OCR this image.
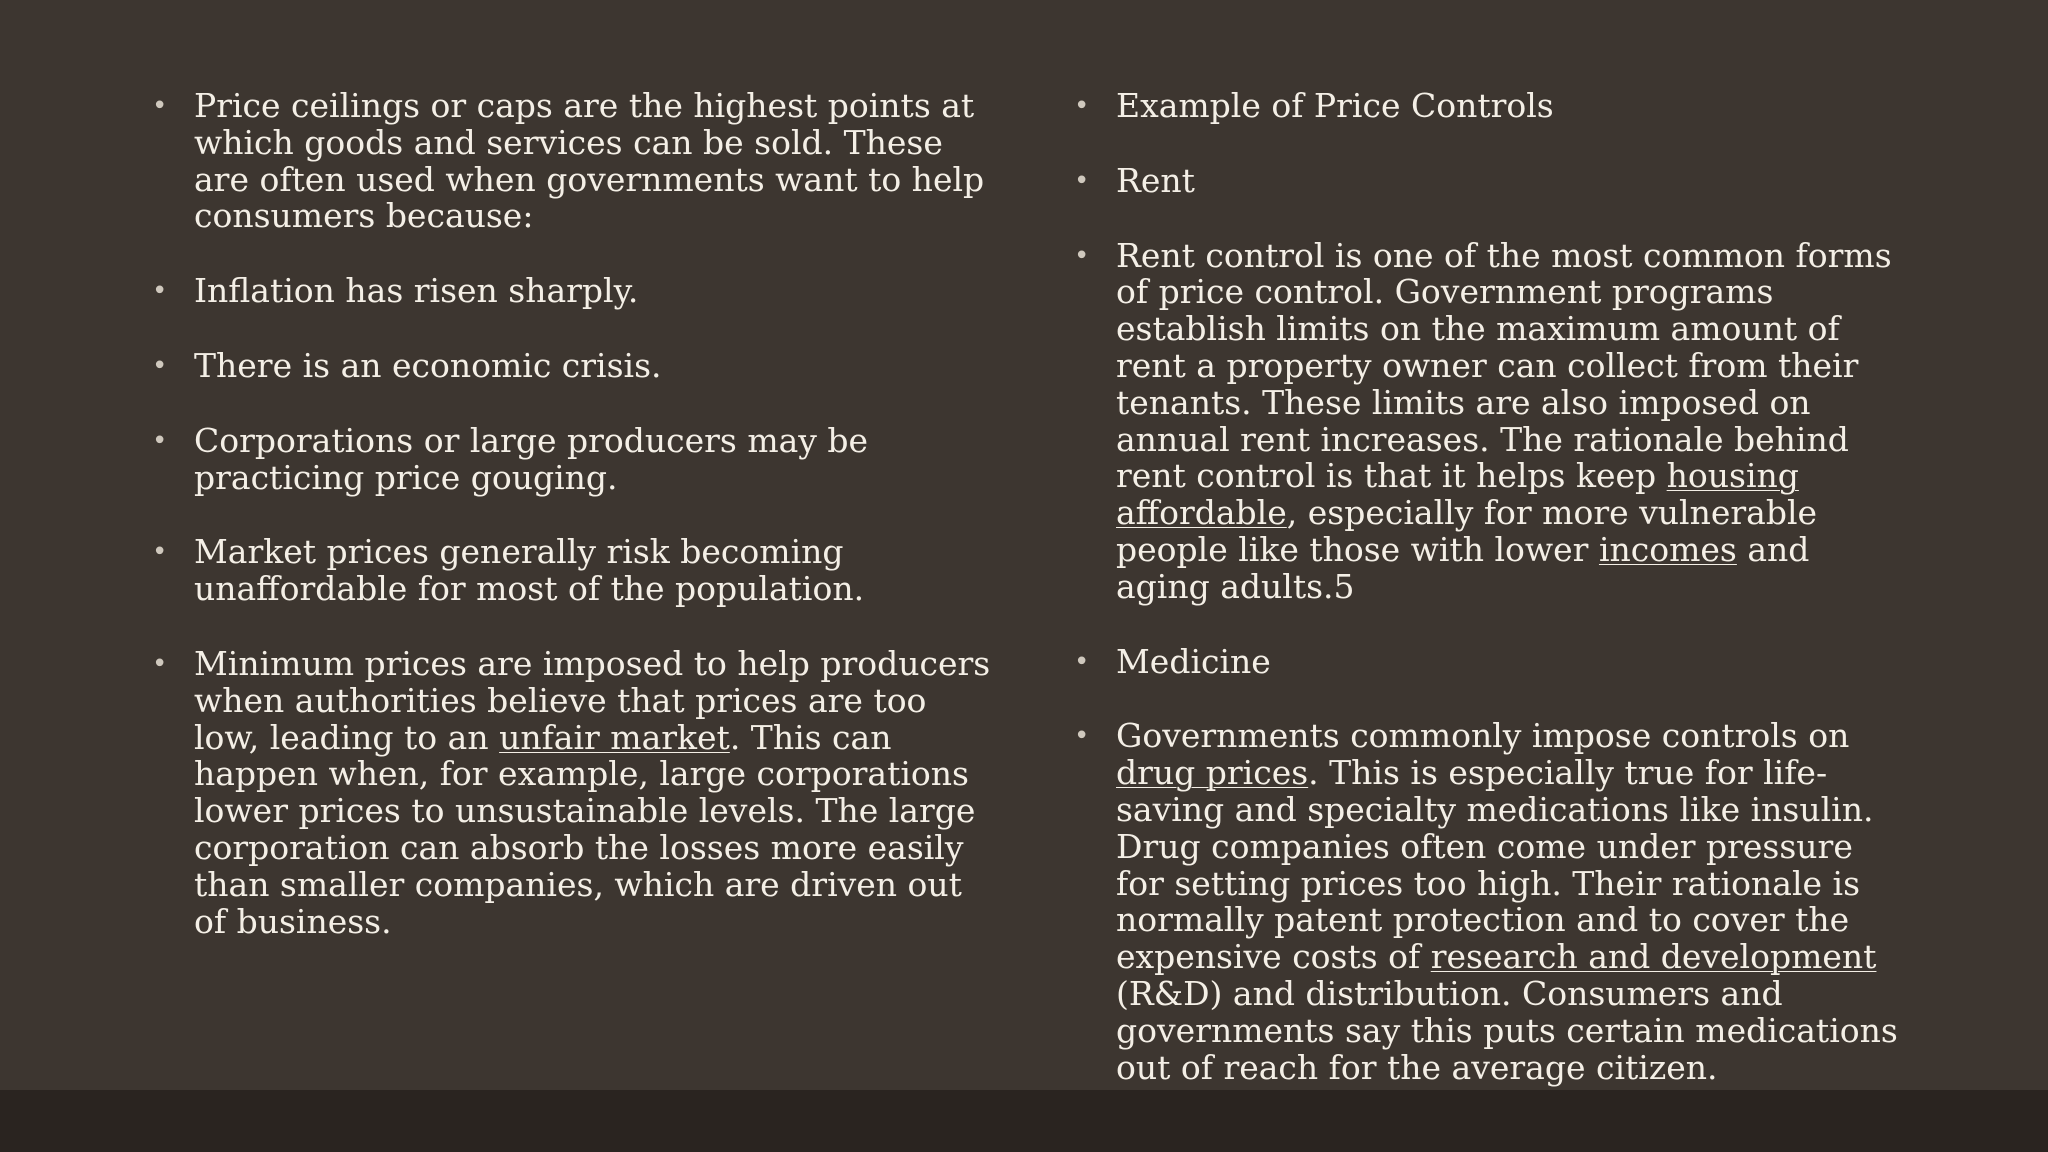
• Price ceilings or caps are the highest points at which goods and services can be sold. These are often used when governments want to help consumers because:
• Inflation has risen sharply.
• There is an economic crisis.
• Corporations or large producers may be practicing price gouging.
• Market prices generally risk becoming unaffordable for most of the population.
• Minimum prices are imposed to help producers when authorities believe that prices are too low, leading to an unfair market. This can happen when, for example, large corporations lower prices to unsustainable levels. The large corporation can absorb the losses more easily than smaller companies, which are driven out of business.
• Example of Price Controls
• Rent
• Rent control is one of the most common forms of price control. Government programs establish limits on the maximum amount of rent a property owner can collect from their tenants. These limits are also imposed on annual rent increases. The rationale behind rent control is that it helps keep housing affordable, especially for more vulnerable people like those with lower incomes and aging adults.5
• Medicine
• Governments commonly impose controls on drug prices. This is especially true for life-saving and specialty medications like insulin. Drug companies often come under pressure for setting prices too high. Their rationale is normally patent protection and to cover the expensive costs of research and development (R&D) and distribution. Consumers and governments say this puts certain medications out of reach for the average citizen.
